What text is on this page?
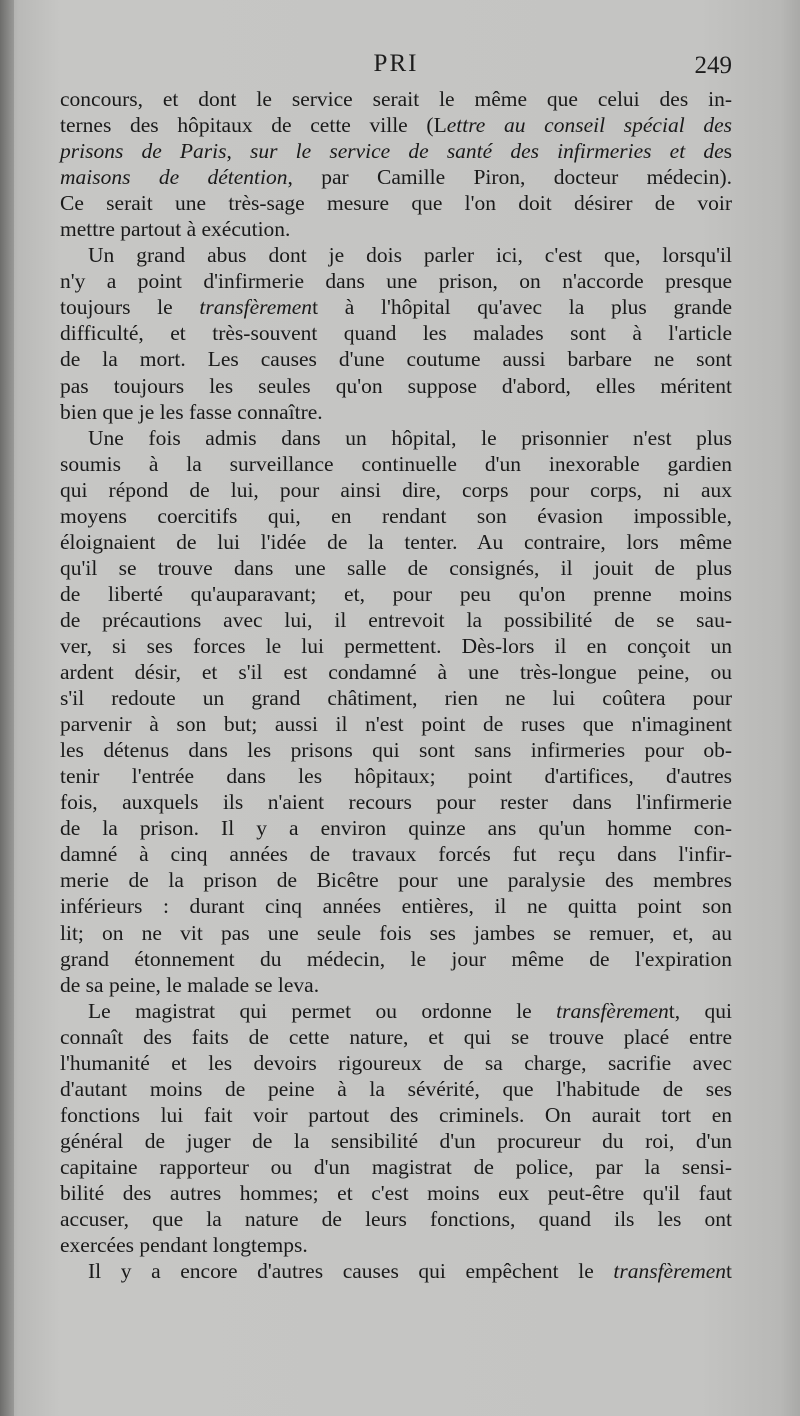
PRI	249
concours, et dont le service serait le même que celui des in-
ternes des hôpitaux de cette ville (Lettre au conseil spécial des
prisons de Paris, sur le service de santé des infirmeries et des
maisons de détention, par Camille Piron, docteur médecin).
Ce serait une très-sage mesure que l'on doit désirer de voir
mettre partout à exécution.
Un grand abus dont je dois parler ici, c'est que, lorsqu'il
n'y a point d'infirmerie dans une prison, on n'accorde presque
toujours le transfèrement à l'hôpital qu'avec la plus grande
difficulté, et très-souvent quand les malades sont à l'article
de la mort. Les causes d'une coutume aussi barbare ne sont
pas toujours les seules qu'on suppose d'abord, elles méritent
bien que je les fasse connaître.
Une fois admis dans un hôpital, le prisonnier n'est plus
soumis à la surveillance continuelle d'un inexorable gardien
qui répond de lui, pour ainsi dire, corps pour corps, ni aux
moyens coercitifs qui, en rendant son évasion impossible,
éloignaient de lui l'idée de la tenter. Au contraire, lors même
qu'il se trouve dans une salle de consignés, il jouit de plus
de liberté qu'auparavant; et, pour peu qu'on prenne moins
de précautions avec lui, il entrevoit la possibilité de se sau-
ver, si ses forces le lui permettent. Dès-lors il en conçoit un
ardent désir, et s'il est condamné à une très-longue peine, ou
s'il redoute un grand châtiment, rien ne lui coûtera pour
parvenir à son but; aussi il n'est point de ruses que n'imaginent
les détenus dans les prisons qui sont sans infirmeries pour ob-
tenir l'entrée dans les hôpitaux; point d'artifices, d'autres
fois, auxquels ils n'aient recours pour rester dans l'infirmerie
de la prison. Il y a environ quinze ans qu'un homme con-
damné à cinq années de travaux forcés fut reçu dans l'infir-
merie de la prison de Bicêtre pour une paralysie des membres
inférieurs : durant cinq années entières, il ne quitta point son
lit; on ne vit pas une seule fois ses jambes se remuer, et, au
grand étonnement du médecin, le jour même de l'expiration
de sa peine, le malade se leva.
Le magistrat qui permet ou ordonne le transfèrement, qui
connaît des faits de cette nature, et qui se trouve placé entre
l'humanité et les devoirs rigoureux de sa charge, sacrifie avec
d'autant moins de peine à la sévérité, que l'habitude de ses
fonctions lui fait voir partout des criminels. On aurait tort en
général de juger de la sensibilité d'un procureur du roi, d'un
capitaine rapporteur ou d'un magistrat de police, par la sensi-
bilité des autres hommes; et c'est moins eux peut-être qu'il faut
accuser, que la nature de leurs fonctions, quand ils les ont
exercées pendant longtemps.
Il y a encore d'autres causes qui empêchent le transfèrement
